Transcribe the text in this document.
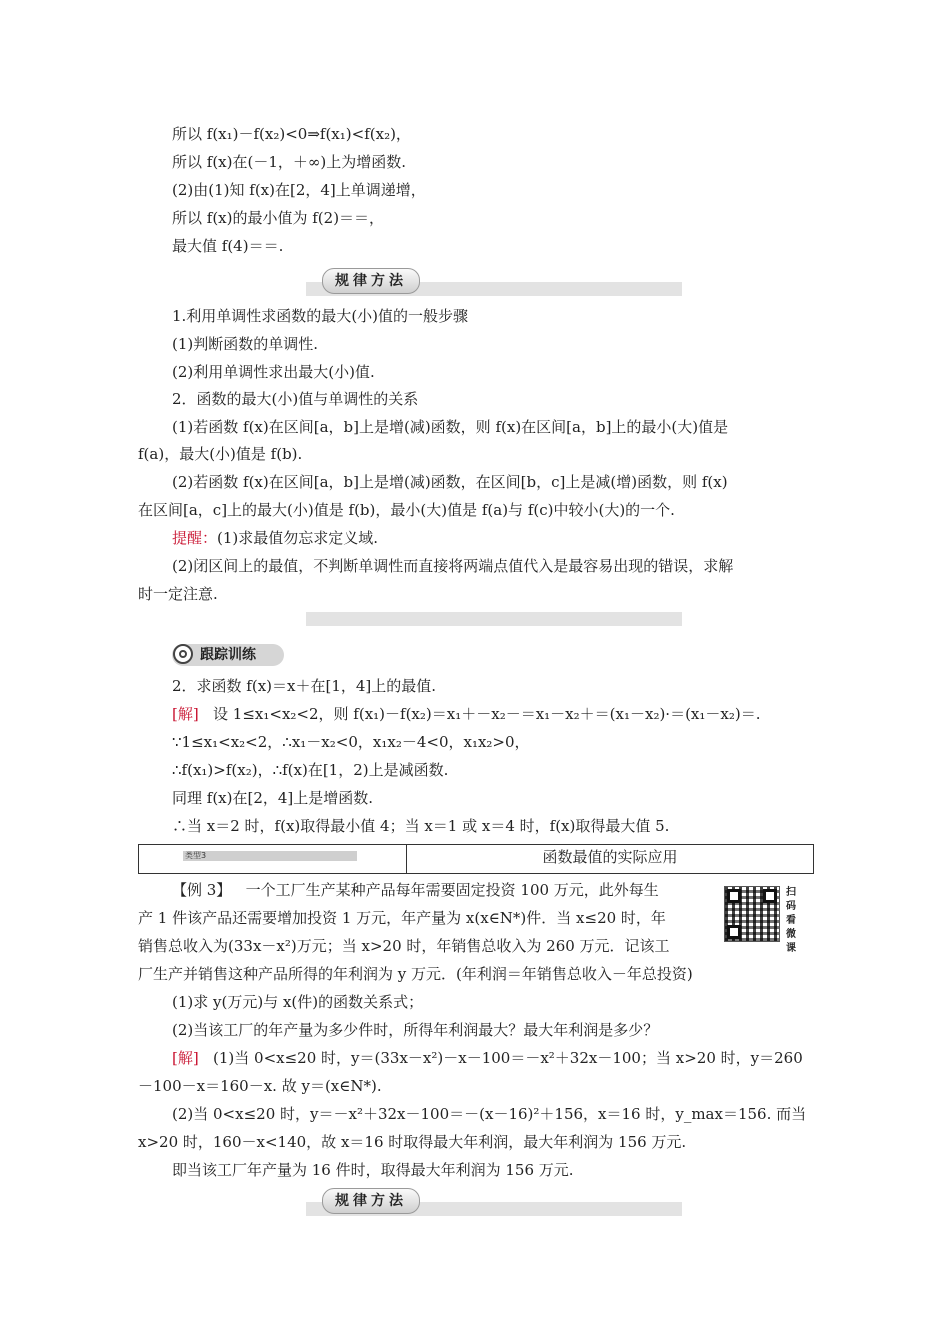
所以 f(x₁)－f(x₂)<0⇒f(x₁)<f(x₂)，
所以 f(x)在(－1，＋∞)上为增函数.
(2)由(1)知 f(x)在[2，4]上单调递增，
所以 f(x)的最小值为 f(2)＝＝，
最大值 f(4)＝＝.
规律方法
1.利用单调性求函数的最大(小)值的一般步骤
(1)判断函数的单调性.
(2)利用单调性求出最大(小)值.
2．函数的最大(小)值与单调性的关系
(1)若函数 f(x)在区间[a，b]上是增(减)函数，则 f(x)在区间[a，b]上的最小(大)值是
f(a)，最大(小)值是 f(b).
(2)若函数 f(x)在区间[a，b]上是增(减)函数，在区间[b，c]上是减(增)函数，则 f(x)
在区间[a，c]上的最大(小)值是 f(b)，最小(大)值是 f(a)与 f(c)中较小(大)的一个.
提醒：(1)求最值勿忘求定义域.
(2)闭区间上的最值，不判断单调性而直接将两端点值代入是最容易出现的错误，求解
时一定注意.
跟踪训练
2．求函数 f(x)＝x＋在[1，4]上的最值.
[解] 设 1≤x₁<x₂<2，则 f(x₁)－f(x₂)＝x₁＋－x₂－＝x₁－x₂＋＝(x₁－x₂)·＝(x₁－x₂)＝.
∵1≤x₁<x₂<2，∴x₁－x₂<0，x₁x₂－4<0，x₁x₂>0，
∴f(x₁)>f(x₂)，∴f(x)在[1，2)上是减函数.
同理 f(x)在[2，4]上是增函数.
∴当 x＝2 时，f(x)取得最小值 4；当 x＝1 或 x＝4 时，f(x)取得最大值 5.
类型3	函数最值的实际应用
【例 3】 一个工厂生产某种产品每年需要固定投资 100 万元，此外每生
产 1 件该产品还需要增加投资 1 万元，年产量为 x(x∈N*)件．当 x≤20 时，年
销售总收入为(33x－x²)万元；当 x>20 时，年销售总收入为 260 万元．记该工
厂生产并销售这种产品所得的年利润为 y 万元．(年利润＝年销售总收入－年总投资)
(1)求 y(万元)与 x(件)的函数关系式；
(2)当该工厂的年产量为多少件时，所得年利润最大？最大年利润是多少？
扫码看微课
[解] (1)当 0<x≤20 时，y＝(33x－x²)－x－100＝－x²＋32x－100；当 x>20 时，y＝260
－100－x＝160－x. 故 y＝(x∈N*).
(2)当 0<x≤20 时，y＝－x²＋32x－100＝－(x－16)²＋156，x＝16 时，y_max＝156. 而当
x>20 时，160－x<140，故 x＝16 时取得最大年利润，最大年利润为 156 万元.
即当该工厂年产量为 16 件时，取得最大年利润为 156 万元.
规律方法
